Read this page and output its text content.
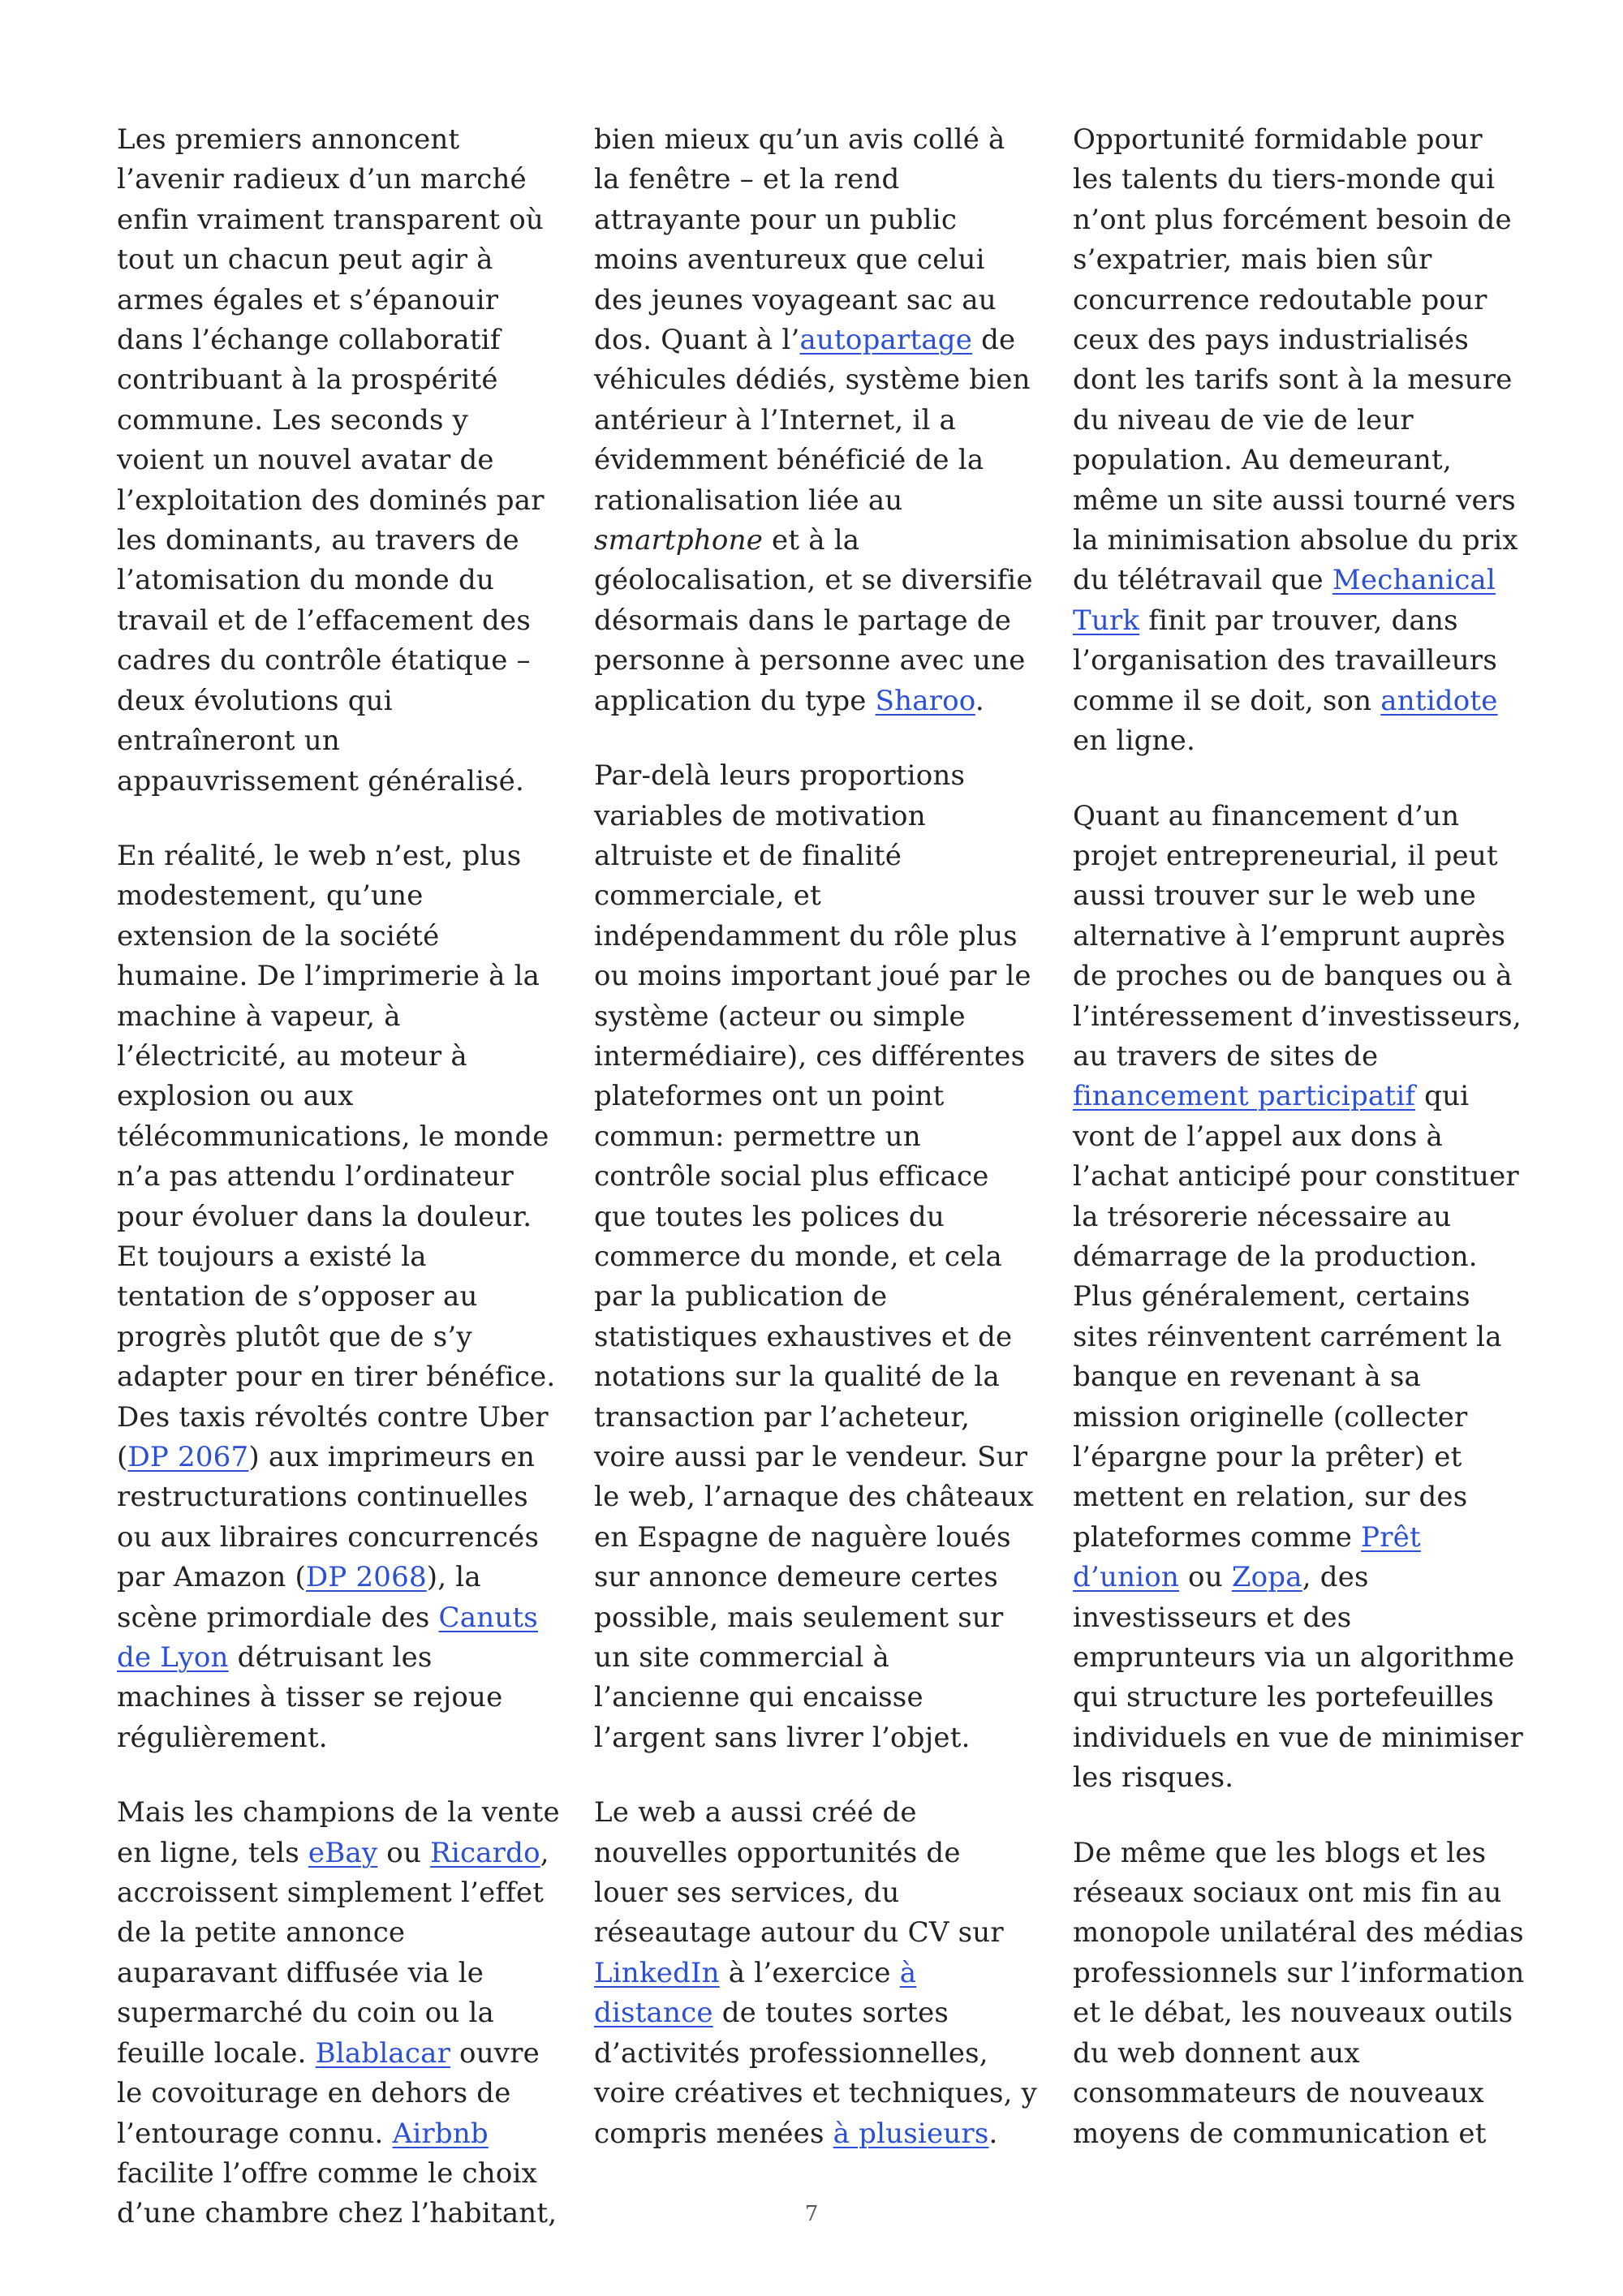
Les premiers annoncent l’avenir radieux d’un marché enfin vraiment transparent où tout un chacun peut agir à armes égales et s’épanouir dans l’échange collaboratif contribuant à la prospérité commune. Les seconds y voient un nouvel avatar de l’exploitation des dominés par les dominants, au travers de l’atomisation du monde du travail et de l’effacement des cadres du contrôle étatique – deux évolutions qui entraîneront un appauvrissement généralisé.

En réalité, le web n’est, plus modestement, qu’une extension de la société humaine. De l’imprimerie à la machine à vapeur, à l’électricité, au moteur à explosion ou aux télécommunications, le monde n’a pas attendu l’ordinateur pour évoluer dans la douleur. Et toujours a existé la tentation de s’opposer au progrès plutôt que de s’y adapter pour en tirer bénéfice. Des taxis révoltés contre Uber (DP 2067) aux imprimeurs en restructurations continuelles ou aux libraires concurrencés par Amazon (DP 2068), la scène primordiale des Canuts de Lyon détruisant les machines à tisser se rejoue régulièrement.

Mais les champions de la vente en ligne, tels eBay ou Ricardo, accroissent simplement l’effet de la petite annonce auparavant diffusée via le supermarché du coin ou la feuille locale. Blablacar ouvre le covoiturage en dehors de l’entourage connu. Airbnb facilite l’offre comme le choix d’une chambre chez l’habitant,

bien mieux qu’un avis collé à la fenêtre – et la rend attrayante pour un public moins aventureux que celui des jeunes voyageant sac au dos. Quant à l’autopartage de véhicules dédiés, système bien antérieur à l’Internet, il a évidemment bénéficié de la rationalisation liée au smartphone et à la géolocalisation, et se diversifie désormais dans le partage de personne à personne avec une application du type Sharoo.

Par-delà leurs proportions variables de motivation altruiste et de finalité commerciale, et indépendamment du rôle plus ou moins important joué par le système (acteur ou simple intermédiaire), ces différentes plateformes ont un point commun: permettre un contrôle social plus efficace que toutes les polices du commerce du monde, et cela par la publication de statistiques exhaustives et de notations sur la qualité de la transaction par l’acheteur, voire aussi par le vendeur. Sur le web, l’arnaque des châteaux en Espagne de naguère loués sur annonce demeure certes possible, mais seulement sur un site commercial à l’ancienne qui encaisse l’argent sans livrer l’objet.

Le web a aussi créé de nouvelles opportunités de louer ses services, du réseautage autour du CV sur LinkedIn à l’exercice à distance de toutes sortes d’activités professionnelles, voire créatives et techniques, y compris menées à plusieurs.

Opportunité formidable pour les talents du tiers-monde qui n’ont plus forcément besoin de s’expatrier, mais bien sûr concurrence redoutable pour ceux des pays industrialisés dont les tarifs sont à la mesure du niveau de vie de leur population. Au demeurant, même un site aussi tourné vers la minimisation absolue du prix du télétravail que Mechanical Turk finit par trouver, dans l’organisation des travailleurs comme il se doit, son antidote en ligne.

Quant au financement d’un projet entrepreneurial, il peut aussi trouver sur le web une alternative à l’emprunt auprès de proches ou de banques ou à l’intéressement d’investisseurs, au travers de sites de financement participatif qui vont de l’appel aux dons à l’achat anticipé pour constituer la trésorerie nécessaire au démarrage de la production. Plus généralement, certains sites réinventent carrément la banque en revenant à sa mission originelle (collecter l’épargne pour la prêter) et mettent en relation, sur des plateformes comme Prêt d’union ou Zopa, des investisseurs et des emprunteurs via un algorithme qui structure les portefeuilles individuels en vue de minimiser les risques.

De même que les blogs et les réseaux sociaux ont mis fin au monopole unilatéral des médias professionnels sur l’information et le débat, les nouveaux outils du web donnent aux consommateurs de nouveaux moyens de communication et

7
